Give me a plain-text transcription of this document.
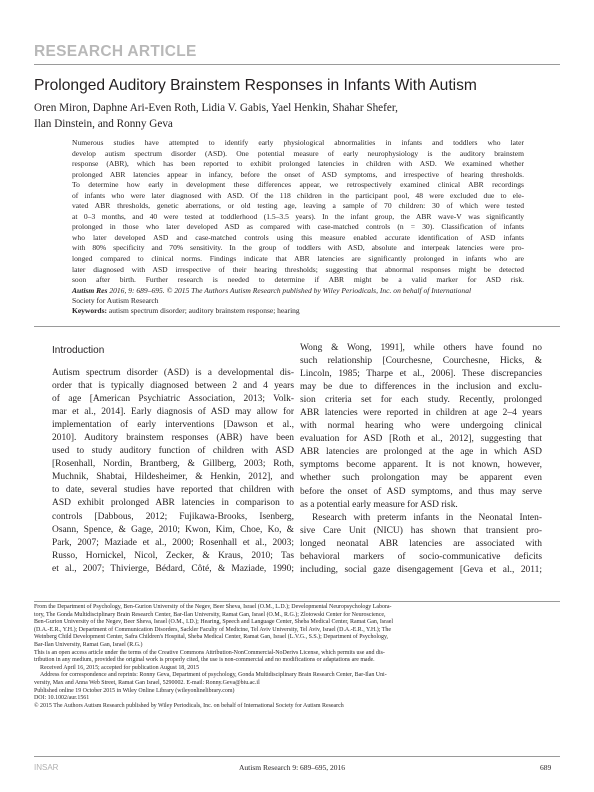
RESEARCH ARTICLE
Prolonged Auditory Brainstem Responses in Infants With Autism
Oren Miron, Daphne Ari-Even Roth, Lidia V. Gabis, Yael Henkin, Shahar Shefer,
Ilan Dinstein, and Ronny Geva
Numerous studies have attempted to identify early physiological abnormalities in infants and toddlers who later
develop autism spectrum disorder (ASD). One potential measure of early neurophysiology is the auditory brainstem
response (ABR), which has been reported to exhibit prolonged latencies in children with ASD. We examined whether
prolonged ABR latencies appear in infancy, before the onset of ASD symptoms, and irrespective of hearing thresholds.
To determine how early in development these differences appear, we retrospectively examined clinical ABR recordings
of infants who were later diagnosed with ASD. Of the 118 children in the participant pool, 48 were excluded due to ele-
vated ABR thresholds, genetic aberrations, or old testing age, leaving a sample of 70 children: 30 of which were tested
at 0–3 months, and 40 were tested at toddlerhood (1.5–3.5 years). In the infant group, the ABR wave-V was significantly
prolonged in those who later developed ASD as compared with case-matched controls (n = 30). Classification of infants
who later developed ASD and case-matched controls using this measure enabled accurate identification of ASD infants
with 80% specificity and 70% sensitivity. In the group of toddlers with ASD, absolute and interpeak latencies were pro-
longed compared to clinical norms. Findings indicate that ABR latencies are significantly prolonged in infants who are
later diagnosed with ASD irrespective of their hearing thresholds; suggesting that abnormal responses might be detected
soon after birth. Further research is needed to determine if ABR might be a valid marker for ASD risk.
Autism Res 2016, 9: 689–695. © 2015 The Authors Autism Research published by Wiley Periodicals, Inc. on behalf of International
Society for Autism Research
Keywords: autism spectrum disorder; auditory brainstem response; hearing
Introduction
Autism spectrum disorder (ASD) is a developmental dis-
order that is typically diagnosed between 2 and 4 years
of age [American Psychiatric Association, 2013; Volk-
mar et al., 2014]. Early diagnosis of ASD may allow for
implementation of early interventions [Dawson et al.,
2010]. Auditory brainstem responses (ABR) have been
used to study auditory function of children with ASD
[Rosenhall, Nordin, Brantberg, & Gillberg, 2003; Roth,
Muchnik, Shabtai, Hildesheimer, & Henkin, 2012], and
to date, several studies have reported that children with
ASD exhibit prolonged ABR latencies in comparison to
controls [Dabbous, 2012; Fujikawa-Brooks, Isenberg,
Osann, Spence, & Gage, 2010; Kwon, Kim, Choe, Ko, &
Park, 2007; Maziade et al., 2000; Rosenhall et al., 2003;
Russo, Hornickel, Nicol, Zecker, & Kraus, 2010; Tas
et al., 2007; Thivierge, Bédard, Côté, & Maziade, 1990;
Wong & Wong, 1991], while others have found no
such relationship [Courchesne, Courchesne, Hicks, &
Lincoln, 1985; Tharpe et al., 2006]. These discrepancies
may be due to differences in the inclusion and exclu-
sion criteria set for each study. Recently, prolonged
ABR latencies were reported in children at age 2–4 years
with normal hearing who were undergoing clinical
evaluation for ASD [Roth et al., 2012], suggesting that
ABR latencies are prolonged at the age in which ASD
symptoms become apparent. It is not known, however,
whether such prolongation may be apparent even
before the onset of ASD symptoms, and thus may serve
as a potential early measure for ASD risk.
Research with preterm infants in the Neonatal Inten-
sive Care Unit (NICU) has shown that transient pro-
longed neonatal ABR latencies are associated with
behavioral markers of socio-communicative deficits
including, social gaze disengagement [Geva et al., 2011;
From the Department of Psychology, Ben-Gurion University of the Negev, Beer Sheva, Israel (O.M., L.D.); Developmental Neuropsychology Labora-
tory, The Gonda Multidisciplinary Brain Research Center, Bar-Ilan University, Ramat Gan, Israel (O.M., R.G.); Zlotowski Center for Neuroscience,
Ben-Gurion University of the Negev, Beer Sheva, Israel (O.M., I.D.); Hearing, Speech and Language Center, Sheba Medical Center, Ramat Gan, Israel
(D.A.-E.R., Y.H.); Department of Communication Disorders, Sackler Faculty of Medicine, Tel Aviv University, Tel Aviv, Israel (D.A.-E.R., Y.H.); The
Weinberg Child Development Center, Safra Children's Hospital, Sheba Medical Center, Ramat Gan, Israel (L.V.G., S.S.); Department of Psychology,
Bar-Ilan University, Ramat Gan, Israel (R.G.)
This is an open access article under the terms of the Creative Commons Attribution-NonCommercial-NoDerivs License, which permits use and dis-
tribution in any medium, provided the original work is properly cited, the use is non-commercial and no modifications or adaptations are made.
Received April 16, 2015; accepted for publication August 18, 2015
Address for correspondence and reprints: Ronny Geva, Department of psychology, Gonda Multidisciplinary Brain Research Center, Bar-Ilan Uni-
versity, Max and Anna Web Street, Ramat Gan Israel, 5290002. E-mail: Ronny.Geva@biu.ac.il
Published online 19 October 2015 in Wiley Online Library (wileyonlinelibrary.com)
DOI: 10.1002/aur.1561
© 2015 The Authors Autism Research published by Wiley Periodicals, Inc. on behalf of International Society for Autism Research
INSAR	Autism Research 9: 689–695, 2016	689
